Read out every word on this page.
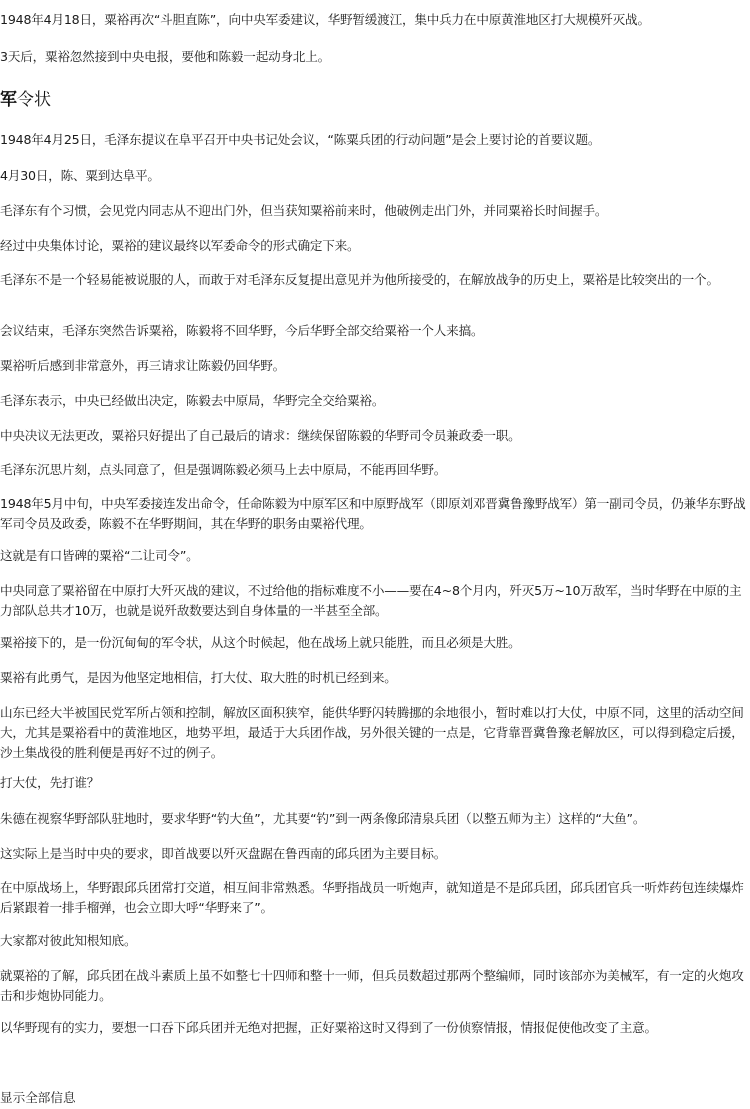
1948年4月18日，粟裕再次“斗胆直陈”，向中央军委建议，华野暂缓渡江，集中兵力在中原黄淮地区打大规模歼灭战。

3天后，粟裕忽然接到中央电报，要他和陈毅一起动身北上。

军令状

1948年4月25日，毛泽东提议在阜平召开中央书记处会议，“陈粟兵团的行动问题”是会上要讨论的首要议题。

4月30日，陈、粟到达阜平。

毛泽东有个习惯，会见党内同志从不迎出门外，但当获知粟裕前来时，他破例走出门外，并同粟裕长时间握手。

经过中央集体讨论，粟裕的建议最终以军委命令的形式确定下来。

毛泽东不是一个轻易能被说服的人，而敢于对毛泽东反复提出意见并为他所接受的，在解放战争的历史上，粟裕是比较突出的一个。

会议结束，毛泽东突然告诉粟裕，陈毅将不回华野，今后华野全部交给粟裕一个人来搞。

粟裕听后感到非常意外，再三请求让陈毅仍回华野。

毛泽东表示，中央已经做出决定，陈毅去中原局，华野完全交给粟裕。

中央决议无法更改，粟裕只好提出了自己最后的请求：继续保留陈毅的华野司令员兼政委一职。

毛泽东沉思片刻，点头同意了，但是强调陈毅必须马上去中原局，不能再回华野。

1948年5月中旬，中央军委接连发出命令，任命陈毅为中原军区和中原野战军（即原刘邓晋冀鲁豫野战军）第一副司令员，仍兼华东野战军司令员及政委，陈毅不在华野期间，其在华野的职务由粟裕代理。

这就是有口皆碑的粟裕“二让司令”。

中央同意了粟裕留在中原打大歼灭战的建议，不过给他的指标难度不小——要在4~8个月内，歼灭5万~10万敌军，当时华野在中原的主力部队总共才10万，也就是说歼敌数要达到自身体量的一半甚至全部。

粟裕接下的，是一份沉甸甸的军令状，从这个时候起，他在战场上就只能胜，而且必须是大胜。

粟裕有此勇气，是因为他坚定地相信，打大仗、取大胜的时机已经到来。

山东已经大半被国民党军所占领和控制，解放区面积狭窄，能供华野闪转腾挪的余地很小，暂时难以打大仗，中原不同，这里的活动空间大，尤其是粟裕看中的黄淮地区，地势平坦，最适于大兵团作战，另外很关键的一点是，它背靠晋冀鲁豫老解放区，可以得到稳定后援，沙土集战役的胜利便是再好不过的例子。

打大仗，先打谁？

朱德在视察华野部队驻地时，要求华野“钓大鱼”，尤其要“钓”到一两条像邱清泉兵团（以整五师为主）这样的“大鱼”。

这实际上是当时中央的要求，即首战要以歼灭盘踞在鲁西南的邱兵团为主要目标。

在中原战场上，华野跟邱兵团常打交道，相互间非常熟悉。华野指战员一听炮声，就知道是不是邱兵团，邱兵团官兵一听炸药包连续爆炸后紧跟着一排手榴弹，也会立即大呼“华野来了”。

大家都对彼此知根知底。

就粟裕的了解，邱兵团在战斗素质上虽不如整七十四师和整十一师，但兵员数超过那两个整编师，同时该部亦为美械军，有一定的火炮攻击和步炮协同能力。

以华野现有的实力，要想一口吞下邱兵团并无绝对把握，正好粟裕这时又得到了一份侦察情报，情报促使他改变了主意。

显示全部信息
